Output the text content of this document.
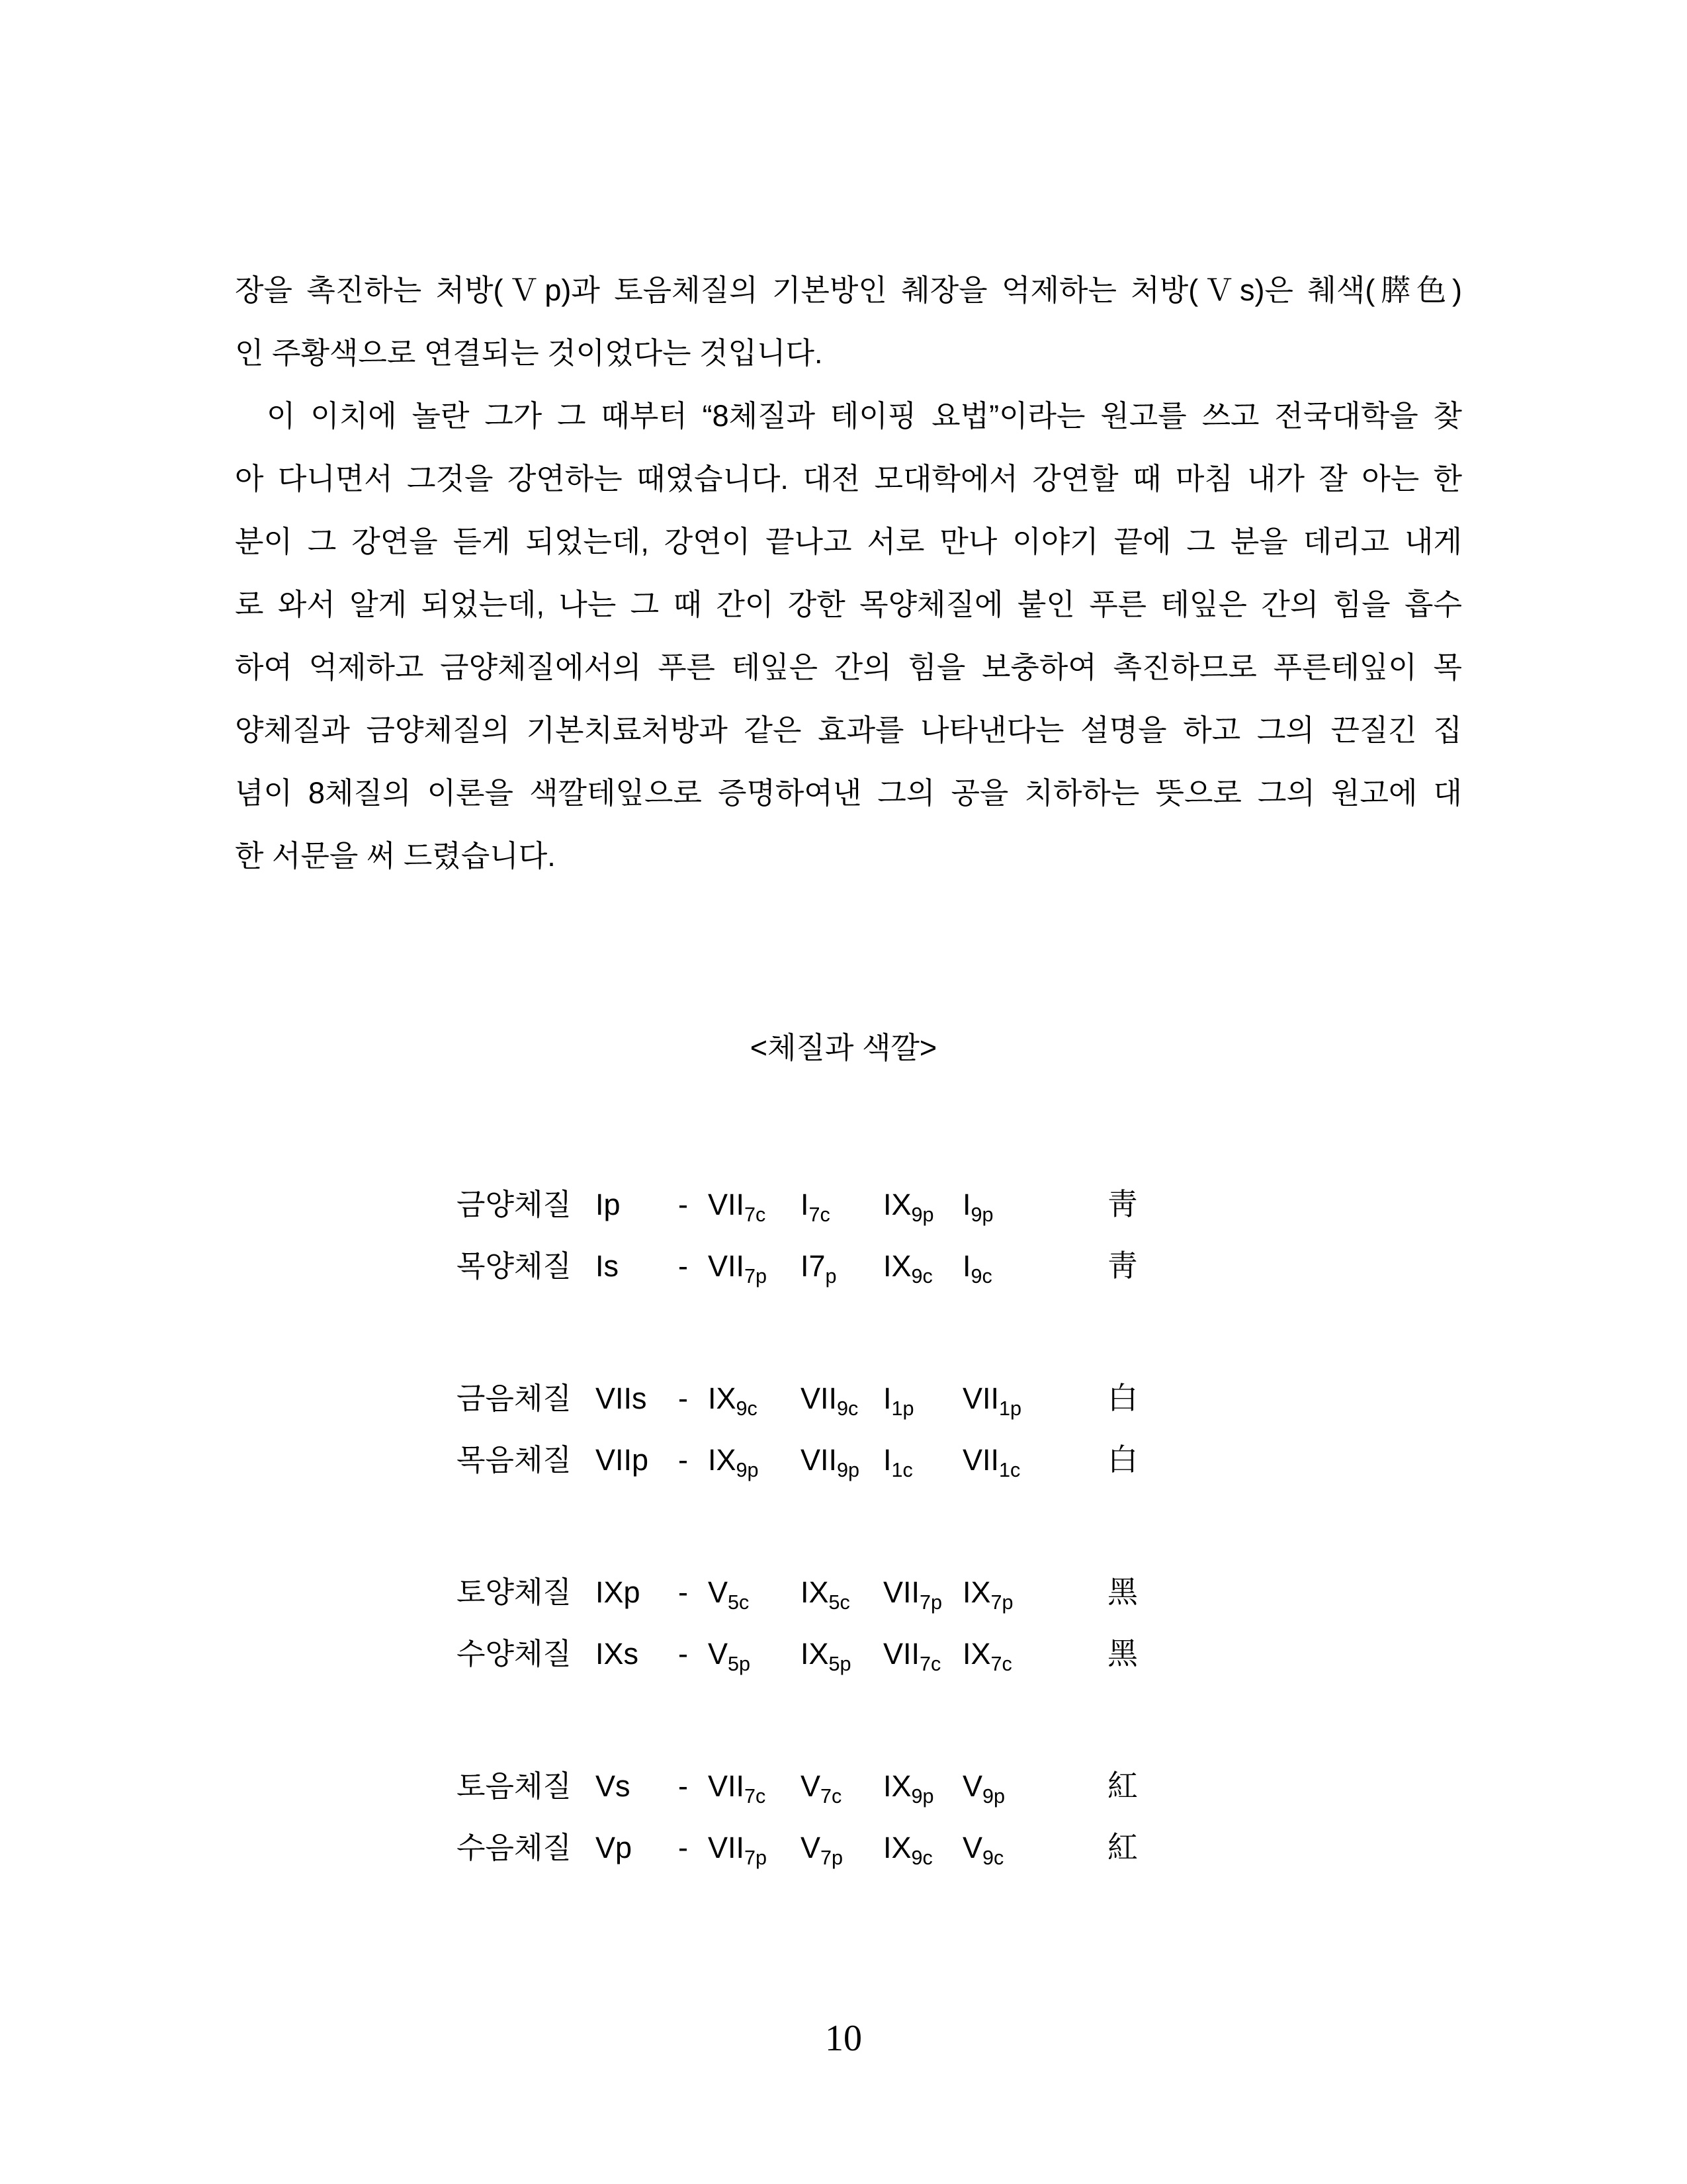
장을 촉진하는 처방(Ｖp)과 토음체질의 기본방인 췌장을 억제하는 처방(Ｖs)은 췌색(膵色)
인 주황색으로 연결되는 것이었다는 것입니다.
이 이치에 놀란 그가 그 때부터 “8체질과 테이핑 요법”이라는 원고를 쓰고 전국대학을 찾
아 다니면서 그것을 강연하는 때였습니다. 대전 모대학에서 강연할 때 마침 내가 잘 아는 한
분이 그 강연을 듣게 되었는데, 강연이 끝나고 서로 만나 이야기 끝에 그 분을 데리고 내게
로 와서 알게 되었는데, 나는 그 때 간이 강한 목양체질에 붙인 푸른 테잎은 간의 힘을 흡수
하여 억제하고 금양체질에서의 푸른 테잎은 간의 힘을 보충하여 촉진하므로 푸른테잎이 목
양체질과 금양체질의 기본치료처방과 같은 효과를 나타낸다는 설명을 하고 그의 끈질긴 집
념이 8체질의 이론을 색깔테잎으로 증명하여낸 그의 공을 치하하는 뜻으로 그의 원고에 대
한 서문을 써 드렸습니다.
<체질과 색깔>
금양체질 Ip	- $VII_{7c}$	$I_{7c}$	$IX_{9p}$ $I_{9p}$	靑
목양체질 Is	- $VII_{7p}$	$I7_p$	$IX_{9c}$	$I_{9c}$	靑
금음체질 VIIs	- $IX_{9c}$	$VII_{9c}$ $I_{1p}$	$VII_{1p}$	白
목음체질 VIIp - $IX_{9p}$	$VII_{9p}$ $I_{1c}$	$VII_{1c}$	白
토양체질 IXp	- $V_{5c}$	$IX_{5c}$	$VII_{7p}$ $IX_{7p}$	黑
수양체질 IXs	- $V_{5p}$	$IX_{5p}$	$VII_{7c}$ $IX_{7c}$	黑
토음체질 Vs	- $VII_{7c}$	$V_{7c}$	$IX_{9p}$ $V_{9p}$	紅
수음체질 Vp	- $VII_{7p}$	$V_{7p}$	$IX_{9c}$	$V_{9c}$	紅
10
